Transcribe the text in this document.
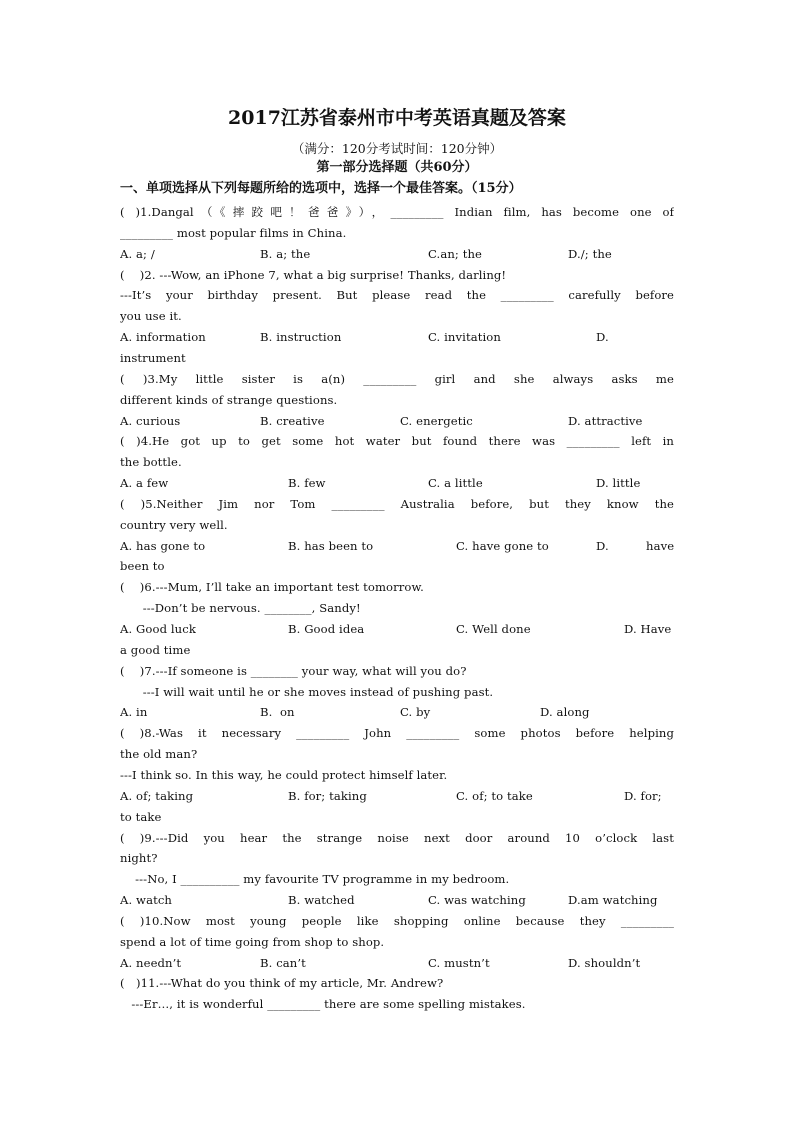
2017江苏省泰州市中考英语真题及答案
（满分：120分考试时间：120分钟）
第一部分选择题（共60分）
一、单项选择从下列每题所给的选项中，选择一个最佳答案。（15分）
( )1.Dangal（《摔跤吧！爸爸》），_________ Indian film, has become one of
_________ most popular films in China.
A. a; /	B. a; the	C.an; the	D./; the
(    )2. ---Wow, an iPhone 7, what a big surprise! Thanks, darling!
---It’s your birthday present. But please read the _________ carefully before
you use it.
A. information	B. instruction	C. invitation	D.
instrument
( )3.My little sister is a(n) _________ girl and she always asks me
different kinds of strange questions.
A. curious	B. creative	C. energetic	D. attractive
( )4.He got up to get some hot water but found there was _________ left in
the bottle.
A. a few	B. few	C. a little	D. little
( )5.Neither Jim nor Tom _________ Australia before, but they know the
country very well.
A. has gone to	B. has been to	C. have gone to	D.	have
been to
(    )6.---Mum, I’ll take an important test tomorrow.
---Don’t be nervous. ________, Sandy!
A. Good luck	B. Good idea	C. Well done	D. Have
a good time
(    )7.---If someone is ________ your way, what will you do?
---I will wait until he or she moves instead of pushing past.
A. in	B.  on	C. by	D. along
( )8.-Was it necessary _________ John _________ some photos before helping
the old man?
---I think so. In this way, he could protect himself later.
A. of; taking	B. for; taking	C. of; to take	D. for;
to take
( )9.---Did you hear the strange noise next door around 10 o’clock last
night?
---No, I __________ my favourite TV programme in my bedroom.
A. watch	B. watched	C. was watching	D.am watching
( )10.Now most young people like shopping online because they _________
spend a lot of time going from shop to shop.
A. needn’t	B. can’t	C. mustn’t	D. shouldn’t
(   )11.---What do you think of my article, Mr. Andrew?
---Er…, it is wonderful _________ there are some spelling mistakes.
